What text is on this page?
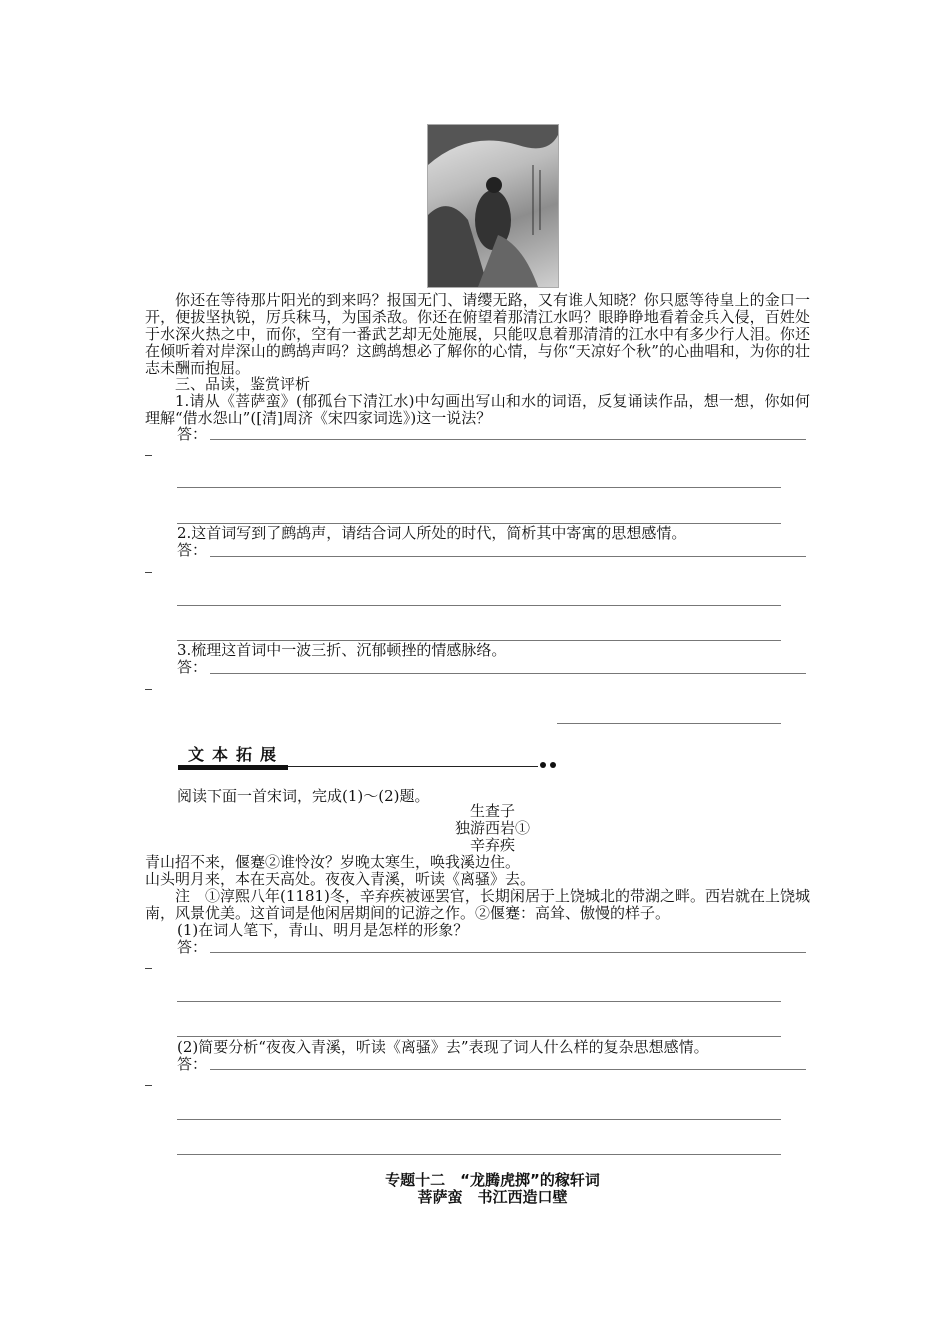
你还在等待那片阳光的到来吗？报国无门、请缨无路，又有谁人知晓？你只愿等待皇上的金口一开，便拔坚执锐，厉兵秣马，为国杀敌。你还在俯望着那清江水吗？眼睁睁地看着金兵入侵，百姓处于水深火热之中，而你，空有一番武艺却无处施展，只能叹息着那清清的江水中有多少行人泪。你还在倾听着对岸深山的鹧鸪声吗？这鹧鸪想必了解你的心情，与你“天凉好个秋”的心曲唱和，为你的壮志未酬而抱屈。
三、品读，鉴赏评析
1.请从《菩萨蛮》(郁孤台下清江水)中勾画出写山和水的词语，反复诵读作品，想一想，你如何理解“借水怨山”([清]周济《宋四家词选》)这一说法？
答：
2.这首词写到了鹧鸪声，请结合词人所处的时代，简析其中寄寓的思想感情。
答：
3.梳理这首词中一波三折、沉郁顿挫的情感脉络。
答：
文本拓展
阅读下面一首宋词，完成(1)～(2)题。
生查子
独游西岩①
辛弃疾
青山招不来，偃蹇②谁怜汝？岁晚太寒生，唤我溪边住。
山头明月来，本在天高处。夜夜入青溪，听读《离骚》去。
注　①淳熙八年(1181)冬，辛弃疾被诬罢官，长期闲居于上饶城北的带湖之畔。西岩就在上饶城南，风景优美。这首词是他闲居期间的记游之作。②偃蹇：高耸、傲慢的样子。
(1)在词人笔下，青山、明月是怎样的形象？
答：
(2)简要分析“夜夜入青溪，听读《离骚》去”表现了词人什么样的复杂思想感情。
答：
专题十二　“龙腾虎掷”的稼轩词
菩萨蛮　书江西造口壁
